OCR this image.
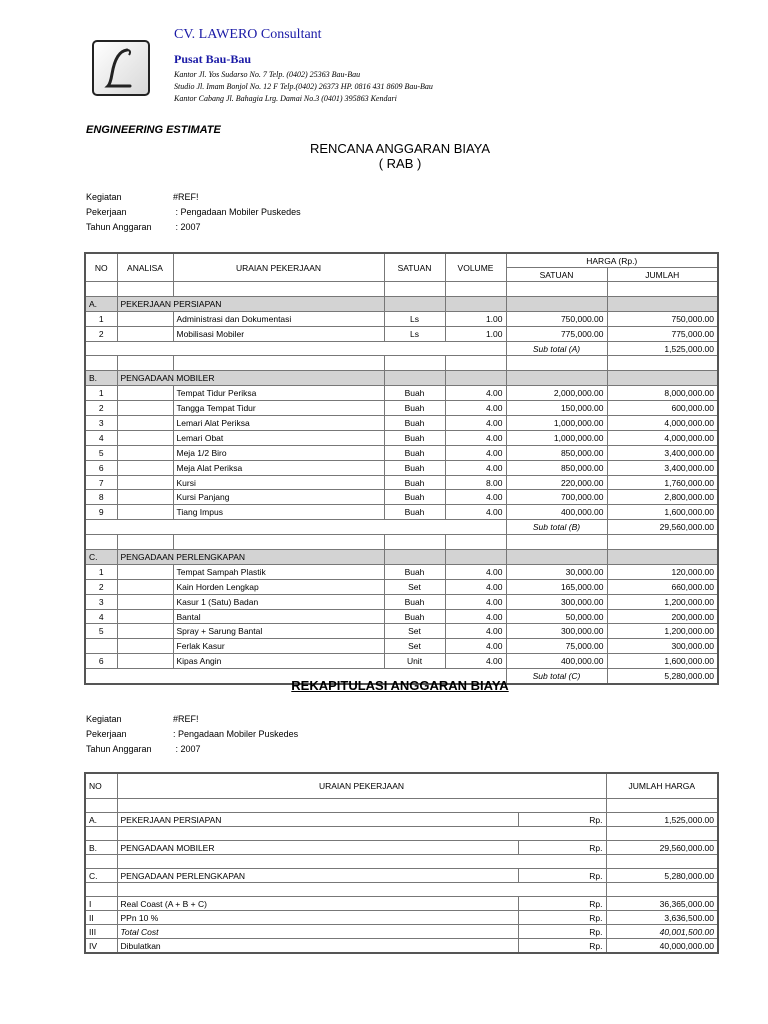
CV. LAWERO Consultant
Pusat Bau-Bau
Kantor Jl. Yos Sudarso No. 7 Telp. (0402) 25363 Bau-Bau
Studio Jl. Imam Bonjol No. 12 F Telp.(0402) 26373 HP. 0816 431 8609 Bau-Bau
Kantor Cabang Jl. Bahagia Lrg. Damai No.3 (0401) 395863 Kendari
ENGINEERING ESTIMATE
RENCANA ANGGARAN BIAYA
( RAB )
Kegiatan	#REF!
Pekerjaan	: Pengadaan Mobiler Puskedes
Tahun Anggaran : 2007
NO	ANALISA	URAIAN PEKERJAAN	SATUAN	VOLUME	HARGA (Rp.)	
					SATUAN	JUMLAH

A.	PEKERJAAN PERSIAPAN					
1		Administrasi dan Dokumentasi	Ls	1.00	750,000.00	750,000.00
2		Mobilisasi Mobiler	Ls	1.00	775,000.00	775,000.00
					Sub total (A)	1,525,000.00

B.	PENGADAAN MOBILER					
1		Tempat Tidur Periksa	Buah	4.00	2,000,000.00	8,000,000.00
2		Tangga Tempat Tidur	Buah	4.00	150,000.00	600,000.00
3		Lemari Alat Periksa	Buah	4.00	1,000,000.00	4,000,000.00
4		Lemari Obat	Buah	4.00	1,000,000.00	4,000,000.00
5		Meja 1/2 Biro	Buah	4.00	850,000.00	3,400,000.00
6		Meja Alat Periksa	Buah	4.00	850,000.00	3,400,000.00
7		Kursi	Buah	8.00	220,000.00	1,760,000.00
8		Kursi Panjang	Buah	4.00	700,000.00	2,800,000.00
9		Tiang Impus	Buah	4.00	400,000.00	1,600,000.00
					Sub total (B)	29,560,000.00

C.	PENGADAAN PERLENGKAPAN					
1		Tempat Sampah Plastik	Buah	4.00	30,000.00	120,000.00
2		Kain Horden Lengkap	Set	4.00	165,000.00	660,000.00
3		Kasur 1 (Satu) Badan	Buah	4.00	300,000.00	1,200,000.00
4		Bantal	Buah	4.00	50,000.00	200,000.00
5		Spray + Sarung Bantal	Set	4.00	300,000.00	1,200,000.00
		Ferlak Kasur	Set	4.00	75,000.00	300,000.00
6		Kipas Angin	Unit	4.00	400,000.00	1,600,000.00
					Sub total (C)	5,280,000.00
REKAPITULASI ANGGARAN BIAYA
Kegiatan	#REF!
Pekerjaan	: Pengadaan Mobiler Puskedes
Tahun Anggaran : 2007
NO	URAIAN PEKERJAAN		JUMLAH HARGA

A.	PEKERJAAN PERSIAPAN	Rp.	1,525,000.00

B.	PENGADAAN MOBILER	Rp.	29,560,000.00

C.	PENGADAAN PERLENGKAPAN	Rp.	5,280,000.00

I	Real Coast (A + B + C)	Rp.	36,365,000.00
II	PPn 10 %	Rp.	3,636,500.00
III	Total Cost	Rp.	40,001,500.00
IV	Dibulatkan	Rp.	40,000,000.00
